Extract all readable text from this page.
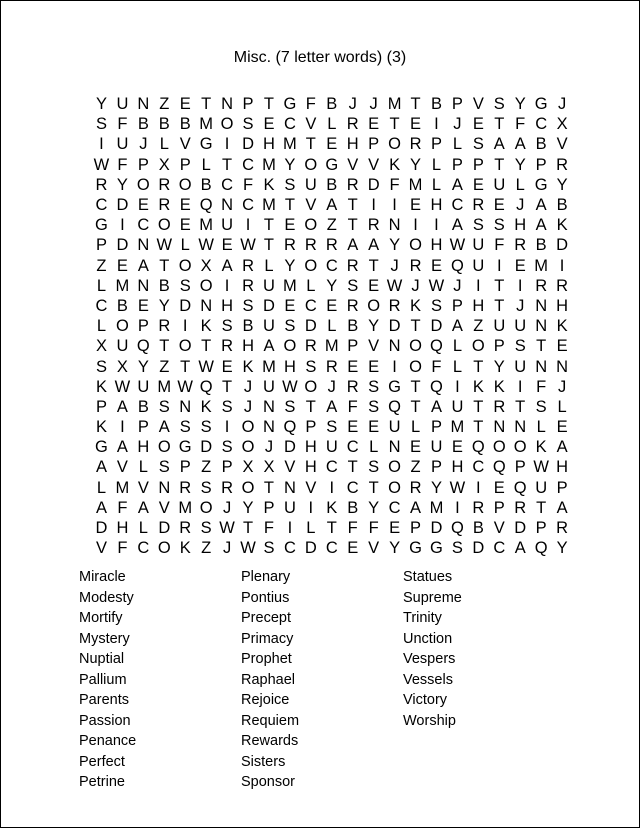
Misc. (7 letter words) (3)
Y U N Z E T N P T G F B J J M T B P V S Y G J
S F B B B M O S E C V L R E T E I J E T F C X
I U J L V G I D H M T E H P O R P L S A A B V
W F P X P L T C M Y O G V V K Y L P P T Y P R
R Y O R O B C F K S U B R D F M L A E U L G Y
C D E R E Q N C M T V A T I I E H C R E J A B
G I C O E M U I T E O Z T R N I I A S S H A K
P D N W L W E W T R R R A A Y O H W U F R B D
Z E A T O X A R L Y O C R T J R E Q U I E M I
L M N B S O I R U M L Y S E W J W J I T I R R
C B E Y D N H S D E C E R O R K S P H T J N H
L O P R I K S B U S D L B Y D T D A Z U U N K
X U Q T O T R H A O R M P V N O Q L O P S T E
S X Y Z T W E K M H S R E E I O F L T Y U N N
K W U M W Q T J U W O J R S G T Q I K K I F J
P A B S N K S J N S T A F S Q T A U T R T S L
K I P A S S I O N Q P S E E U L P M T N N L E
G A H O G D S O J D H U C L N E U E Q O O K A
A V L S P Z P X X V H C T S O Z P H C Q P W H
L M V N R S R O T N V I C T O R Y W I E Q U P
A F A V M O J Y P U I K B Y C A M I R P R T A
D H L D R S W T F I L T F F E P D Q B V D P R
V F C O K Z J W S C D C E V Y G G S D C A Q Y
Miracle
Modesty
Mortify
Mystery
Nuptial
Pallium
Parents
Passion
Penance
Perfect
Petrine
Plenary
Pontius
Precept
Primacy
Prophet
Raphael
Rejoice
Requiem
Rewards
Sisters
Sponsor
Statues
Supreme
Trinity
Unction
Vespers
Vessels
Victory
Worship
